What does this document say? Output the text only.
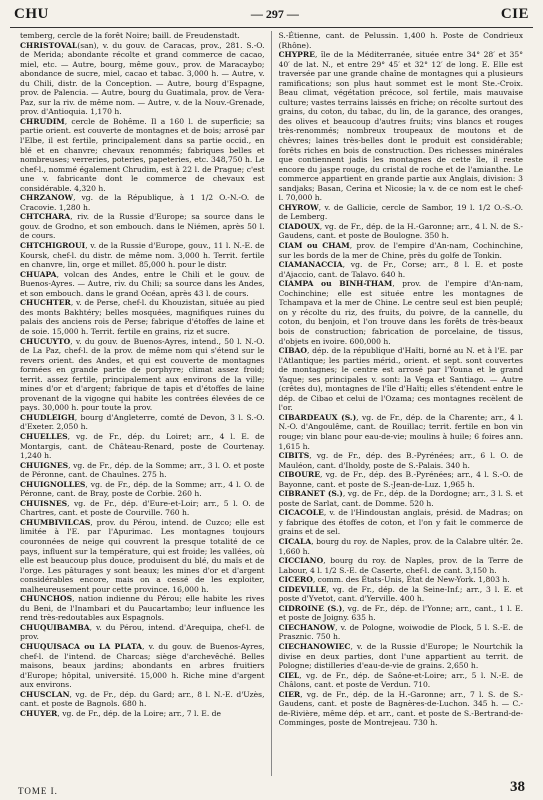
CHU	— 297 —	CIE

temberg, cercle de la forêt Noire; baill. de Freudenstadt.

CHRISTOVAL(san), v. du gouv. de Caracas, prov., 281. S.-O. de Merida; abondante récolte et grand commerce de cacao, miel, etc. — Autre, bourg, même gouv., prov. de Maracaybo; abondance de sucre, miel, cacao et tabac. 3,000 h. — Autre, v. du Chili, distr. de la Conception. — Autre, bourg d'Espagne, prov. de Palencia. — Autre, bourg du Guatimala, prov. de Vera-Paz, sur la riv. de même nom. — Autre, v. de la Nouv.-Grenade, prov. d'Antioquia. 1,170 h.

CHRUDIM, cercle de Bohême. Il a 160 l. de superficie; sa partie orient. est couverte de montagnes et de bois; arrosé par l'Elbe, il est fertile, principalement dans sa partie occid., en blé et en chanvre; chevaux renommés; fabriques belles et nombreuses; verreries, poteries, papeteries, etc. 348,750 h. Le chef-l., nommé également Chrudim, est à 22 l. de Prague; c'est une v. fabricante dont le commerce de chevaux est considérable. 4,320 h.

CHRZANOW, vg. de la République, à 1 1/2 O.-N.-O. de Cracovie. 1,280 h.

CHTCHARA, riv. de la Russie d'Europe; sa source dans le gouv. de Grodno, et son embouch. dans le Niémen, après 50 l. de cours.

CHTCHIGROUI, v. de la Russie d'Europe, gouv., 11 l. N.-E. de Koursk, chef-l. du distr. de même nom. 3,000 h. Territ. fertile en chanvre, lin, orge et millet. 85,000 h. pour le distr.

CHUAPA, volcan des Andes, entre le Chili et le gouv. de Buenos-Ayres. — Autre, riv. du Chili; sa source dans les Andes, et son embouch. dans le grand Océan, après 43 l. de cours.

CHUCHTER, v. de Perse, chef-l. du Khouzistan, située au pied des monts Bakhtéry; belles mosquées, magnifiques ruines du palais des anciens rois de Perse; fabrique d'étoffes de laine et de soie. 15,000 h. Territ. fertile en grains, riz et sucre.

CHUCUYTO, v. du gouv. de Buenos-Ayres, intend., 50 l. N.-O. de La Paz, chef-l. de la prov. de même nom qui s'étend sur le revers orient. des Andes, et qui est couverte de montagnes formées en grande partie de porphyre; climat assez froid; territ. assez fertile, principalement aux environs de la ville; mines d'or et d'argent; fabrique de tapis et d'étoffes de laine provenant de la vigogne qui habite les contrées élevées de ce pays. 30,000 h. pour toute la prov.

CHUDLEIGH, bourg d'Angleterre, comté de Devon, 3 l. S.-O. d'Exeter. 2,050 h.

CHUELLES, vg. de Fr., dép. du Loiret; arr., 4 l. E. de Montargis, cant. de Château-Renard, poste de Courtenay. 1,240 h.

CHUIGNES, vg. de Fr., dép. de la Somme; arr., 3 l. O. et poste de Péronne, cant. de Chaulnes. 275 h.

CHUIGNOLLES, vg. de Fr., dép. de la Somme; arr., 4 l. O. de Péronne, cant. de Bray, poste de Corbie. 260 h.

CHUISNES, vg. de Fr., dép. d'Eure-et-Loir; arr., 5 l. O. de Chartres, cant. et poste de Courville. 760 h.

CHUMBIVILCAS, prov. du Pérou, intend. de Cuzco; elle est limitée à l'E. par l'Apurimac. Les montagnes toujours couronnées de neige qui couvrent la presque totalité de ce pays, influent sur la température, qui est froide; les vallées, où elle est beaucoup plus douce, produisent du blé, du maïs et de l'orge. Les pâturages y sont beaux; les mines d'or et d'argent considérables encore, mais on a cessé de les exploiter, malheureusement pour cette province. 16,000 h.

CHUNCHOS, nation indienne du Pérou; elle habite les rives du Beni, de l'Inambari et du Paucartambo; leur influence les rend très-redoutables aux Espagnols.

CHUQUIBAMBA, v. du Pérou, intend. d'Arequipa, chef-l. de prov.

CHUQUISACA ou LA PLATA, v. du gouv. de Buenos-Ayres, chef-l. de l'intend. de Charcas; siège d'archevêché. Belles maisons, beaux jardins; abondants en arbres fruitiers d'Europe; hôpital, université. 15,000 h. Riche mine d'argent aux environs.

CHUSCLAN, vg. de Fr., dép. du Gard; arr., 8 l. N.-E. d'Uzès, cant. et poste de Bagnols. 680 h.

CHUYER, vg. de Fr., dép. de la Loire; arr., 7 l. E. de

S.-Étienne, cant. de Pelussin. 1,400 h. Poste de Condrieux (Rhône).

CHYPRE, île de la Méditerranée, située entre 34° 28′ et 35° 40′ de lat. N., et entre 29° 45′ et 32° 12′ de long. E. Elle est traversée par une grande chaîne de montagnes qui a plusieurs ramifications; son plus haut sommet est le mont Ste.-Croix. Beau climat, végétation précoce, sol fertile, mais mauvaise culture; vastes terrains laissés en friche; on récolte surtout des grains, du coton, du tabac, du lin, de la garance, des oranges, des olives et beaucoup d'autres fruits; vins blancs et rouges très-renommés; nombreux troupeaux de moutons et de chèvres; laines très-belles dont le produit est considérable; forêts riches en bois de construction. Des richesses minérales que contiennent jadis les montagnes de cette île, il reste encore du jaspe rouge, du cristal de roche et de l'amianthe. Le commerce appartient en grande partie aux Anglais, division: 3 sandjaks; Basan, Cerina et Nicosie; la v. de ce nom est le chef-l. 70,000 h.

CHYROW, v. de Gallicie, cercle de Sambor, 19 l. 1/2 O.-S.-O. de Lemberg.

CIADOUX, vg. de Fr., dép. de la H.-Garonne; arr., 4 l. N. de S.-Gaudens, cant. et poste de Boulogne. 350 h.

CIAM ou CHAM, prov. de l'empire d'An-nam, Cochinchine, sur les bords de la mer de Chine, près du golfe de Tonkin.

CIAMANACCIA, vg. de Fr., Corse; arr., 8 l. E. et poste d'Ajaccio, cant. de Talavo. 640 h.

CIAMPA ou BINH-THAM, prov. de l'empire d'An-nam, Cochinchine; elle est située entre les montagnes de Tchampava et la mer de Chine. Le centre seul est bien peuplé; on y récolte du riz, des fruits, du poivre, de la cannelle, du coton, du benjoin, et l'on trouve dans les forêts de très-beaux bois de construction; fabrication de porcelaine, de tissus, d'objets en ivoire. 600,000 h.

CIBAO, dép. de la république d'Haïti, borné au N. et à l'E. par l'Atlantique; les parties mérid., orient. et sept. sont couvertes de montagnes; le centre est arrosé par l'Youna et le grand Yaque; ses principales v. sont: la Vega et Santiago. — Autre (crêtes du), montagnes de l'île d'Haïti; elles s'étendent entre le dép. de Cibao et celui de l'Ozama; ces montagnes recèlent de l'or.

CIBARDEAUX (S.), vg. de Fr., dép. de la Charente; arr., 4 l. N.-O. d'Angoulême, cant. de Rouillac; territ. fertile en bon vin rouge; vin blanc pour eau-de-vie; moulins à huile; 6 foires ann. 1,615 h.

CIBITS, vg. de Fr., dép. des B.-Pyrénées; arr., 6 l. O. de Mauléon, cant. d'Iholdy, poste de S.-Palais. 340 h.

CIBOURE, vg. de Fr., dép. des B.-Pyrénées; arr., 4 l. S.-O. de Bayonne, cant. et poste de S.-Jean-de-Luz. 1,965 h.

CIBRANET (S.), vg. de Fr., dép. de la Dordogne; arr., 3 l. S. et poste de Sarlat, cant. de Domme. 520 h.

CICACOLE, v. de l'Hindoustan anglais, présid. de Madras; on y fabrique des étoffes de coton, et l'on y fait le commerce de grains et de sel.

CICALA, bourg du roy. de Naples, prov. de la Calabre ultér. 2e. 1,660 h.

CICCIANO, bourg du roy. de Naples, prov. de la Terre de Labour, 4 l. 1/2 S.-E. de Caserte, chef-l. de cant. 3,150 h.

CICERO, comm. des États-Unis, État de New-York. 1,803 h.

CIDEVILLE, vg. de Fr., dép. de la Seine-Inf.; arr., 3 l. E. et poste d'Yvetot, cant. d'Yerville. 400 h.

CIDROINE (S.), vg. de Fr., dép. de l'Yonne; arr., cant., 1 l. E. et poste de Joigny. 635 h.

CIECHANOW, v. de Pologne, woiwodie de Plock, 5 l. S.-E. de Prasznic. 750 h.

CIECHANOWIEC, v. de la Russie d'Europe; le Nourtchik la divise en deux parties, dont l'une appartient au territ. de Pologne; distilleries d'eau-de-vie de grains. 2,650 h.

CIEL, vg. de Fr., dép. de Saône-et-Loire; arr., 5 l. N.-E. de Châlons, cant. et poste de Verdun. 710.

CIER, vg. de Fr., dép. de la H.-Garonne; arr., 7 l. S. de S.-Gaudens, cant. et poste de Bagnères-de-Luchon. 345 h. — C.-de-Rivière, même dép. et arr., cant. et poste de S.-Bertrand-de-Comminges, poste de Montrejeau. 730 h.

TOME I.	38
